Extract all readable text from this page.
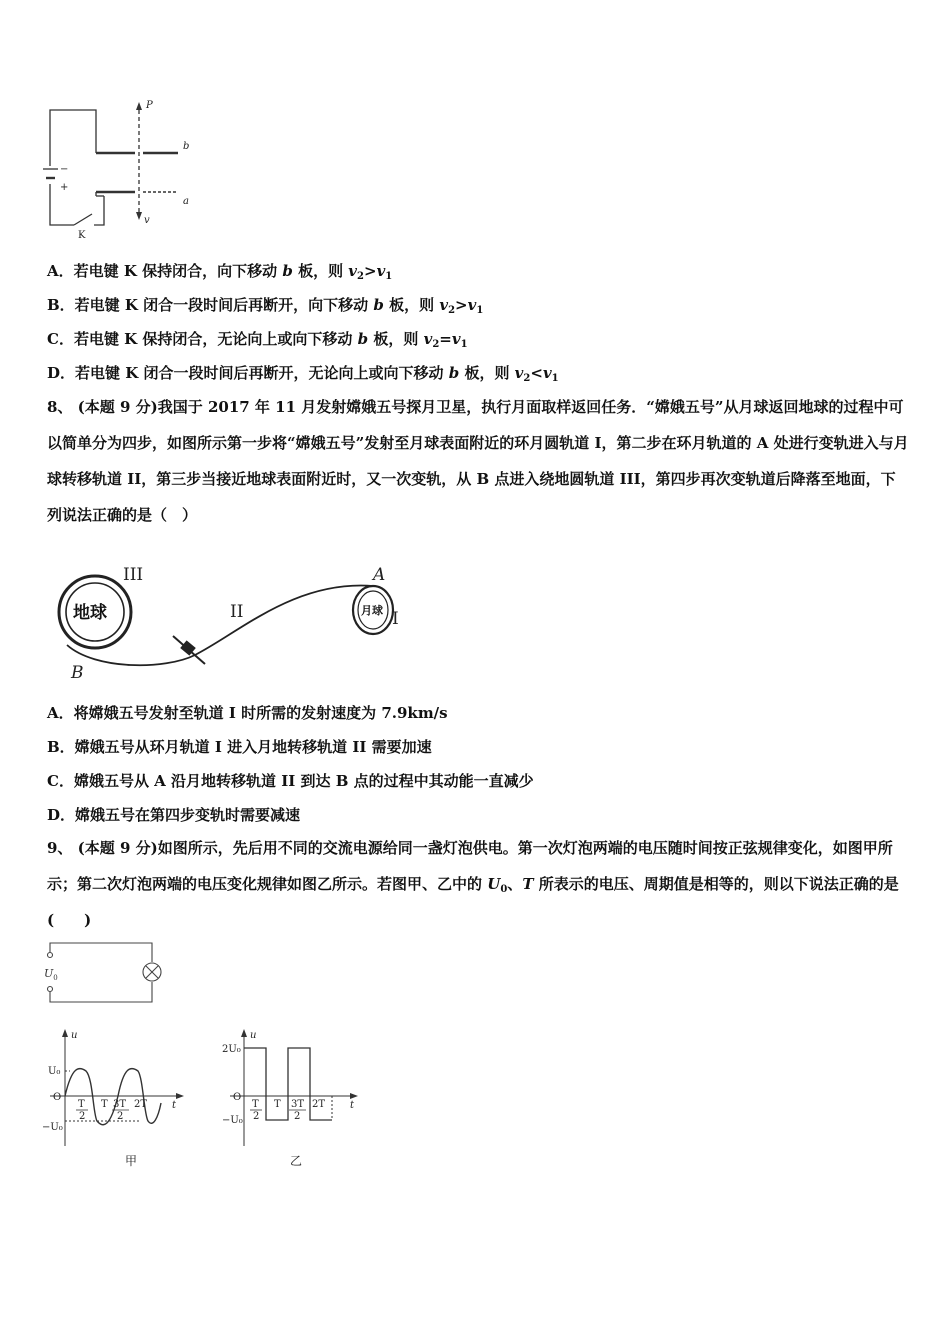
P
b
a
v
K
−
+
A．若电键 K 保持闭合，向下移动 b 板，则 $v_2>v_1$
B．若电键 K 闭合一段时间后再断开，向下移动 b 板，则 $v_2>v_1$
C．若电键 K 保持闭合，无论向上或向下移动 b 板，则 $v_2=v_1$
D．若电键 K 闭合一段时间后再断开，无论向上或向下移动 b 板，则 $v_2<v_1$
8、 (本题 9 分)我国于 2017 年 11 月发射嫦娥五号探月卫星，执行月面取样返回任务．“嫦娥五号”从月球返回地球的过程中可以简单分为四步，如图所示第一步将“嫦娥五号”发射至月球表面附近的环月圆轨道 I，第二步在环月轨道的 A 处进行变轨进入与月球转移轨道 II，第三步当接近地球表面附近时，又一次变轨，从 B 点进入绕地圆轨道 III，第四步再次变轨道后降落至地面，下列说法正确的是（　）
地球	月球
III
II	I
A
B
A．将嫦娥五号发射至轨道 I 时所需的发射速度为 7.9km/s
B．嫦娥五号从环月轨道 I 进入月地转移轨道 II 需要加速
C．嫦娥五号从 A 沿月地转移轨道 II 到达 B 点的过程中其动能一直减少
D．嫦娥五号在第四步变轨时需要减速
9、 (本题 9 分)如图所示，先后用不同的交流电源给同一盏灯泡供电。第一次灯泡两端的电压随时间按正弦规律变化，如图甲所示；第二次灯泡两端的电压变化规律如图乙所示。若图甲、乙中的 $U_0$、T 所表示的电压、周期值是相等的，则以下说法正确的是(　　)
$U_0$
u
t
U₀
O
−U₀
T
2
T 3T
2
2T
甲
u
t
2U₀
O
−U₀
T
2
T 3T
2
2T
乙
